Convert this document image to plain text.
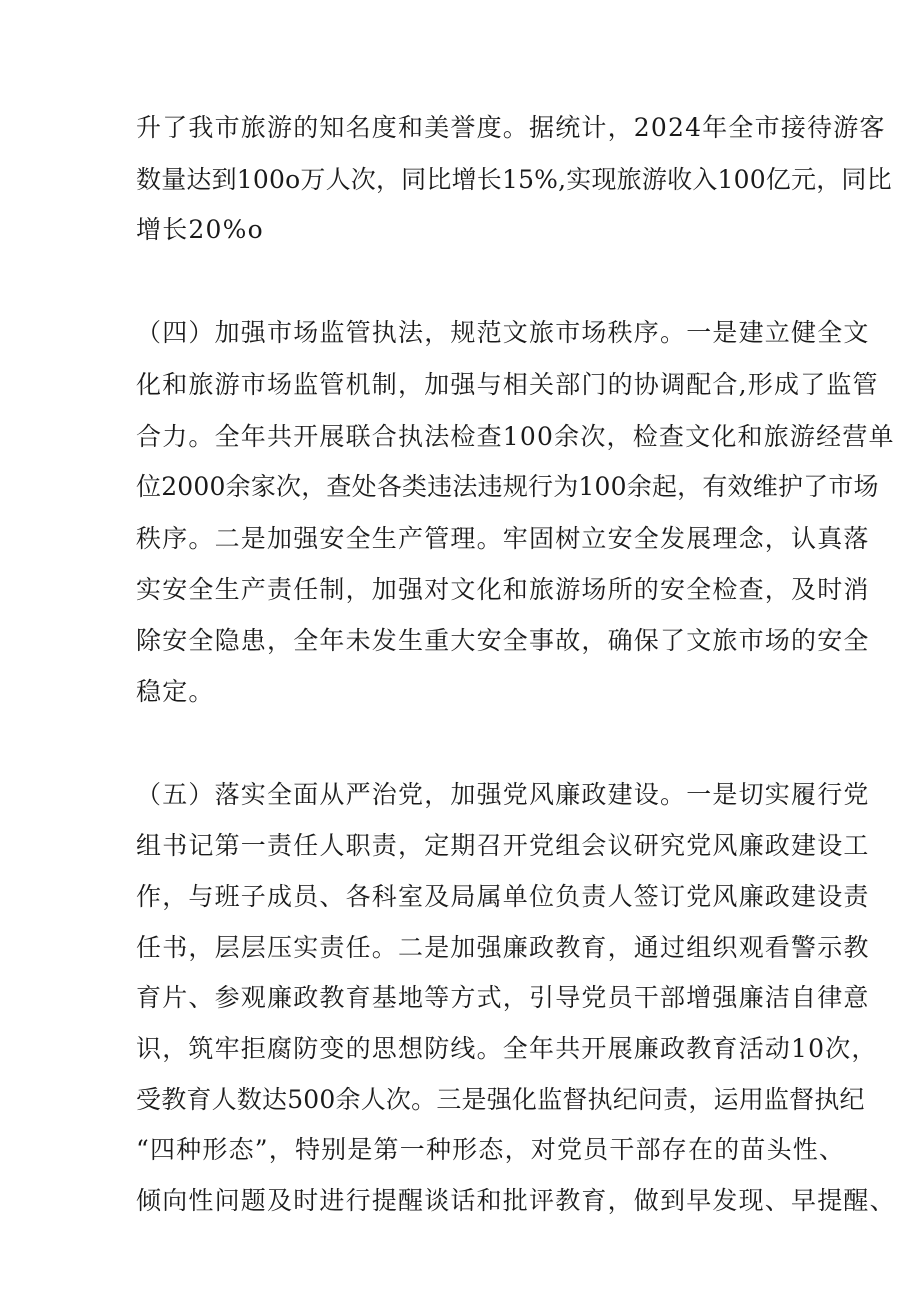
升了我市旅游的知名度和美誉度。据统计，2024年全市接待游客
数量达到100o万人次，同比增长15%,实现旅游收入100亿元，同比
增长20%o
（四）加强市场监管执法，规范文旅市场秩序。一是建立健全文
化和旅游市场监管机制，加强与相关部门的协调配合,形成了监管
合力。全年共开展联合执法检查100余次，检查文化和旅游经营单
位2000余家次，查处各类违法违规行为100余起，有效维护了市场
秩序。二是加强安全生产管理。牢固树立安全发展理念，认真落
实安全生产责任制，加强对文化和旅游场所的安全检查，及时消
除安全隐患，全年未发生重大安全事故，确保了文旅市场的安全
稳定。
（五）落实全面从严治党，加强党风廉政建设。一是切实履行党
组书记第一责任人职责，定期召开党组会议研究党风廉政建设工
作，与班子成员、各科室及局属单位负责人签订党风廉政建设责
任书，层层压实责任。二是加强廉政教育，通过组织观看警示教
育片、参观廉政教育基地等方式，引导党员干部增强廉洁自律意
识，筑牢拒腐防变的思想防线。全年共开展廉政教育活动10次，
受教育人数达500余人次。三是强化监督执纪问责，运用监督执纪
“四种形态”，特别是第一种形态，对党员干部存在的苗头性、
倾向性问题及时进行提醒谈话和批评教育，做到早发现、早提醒、
